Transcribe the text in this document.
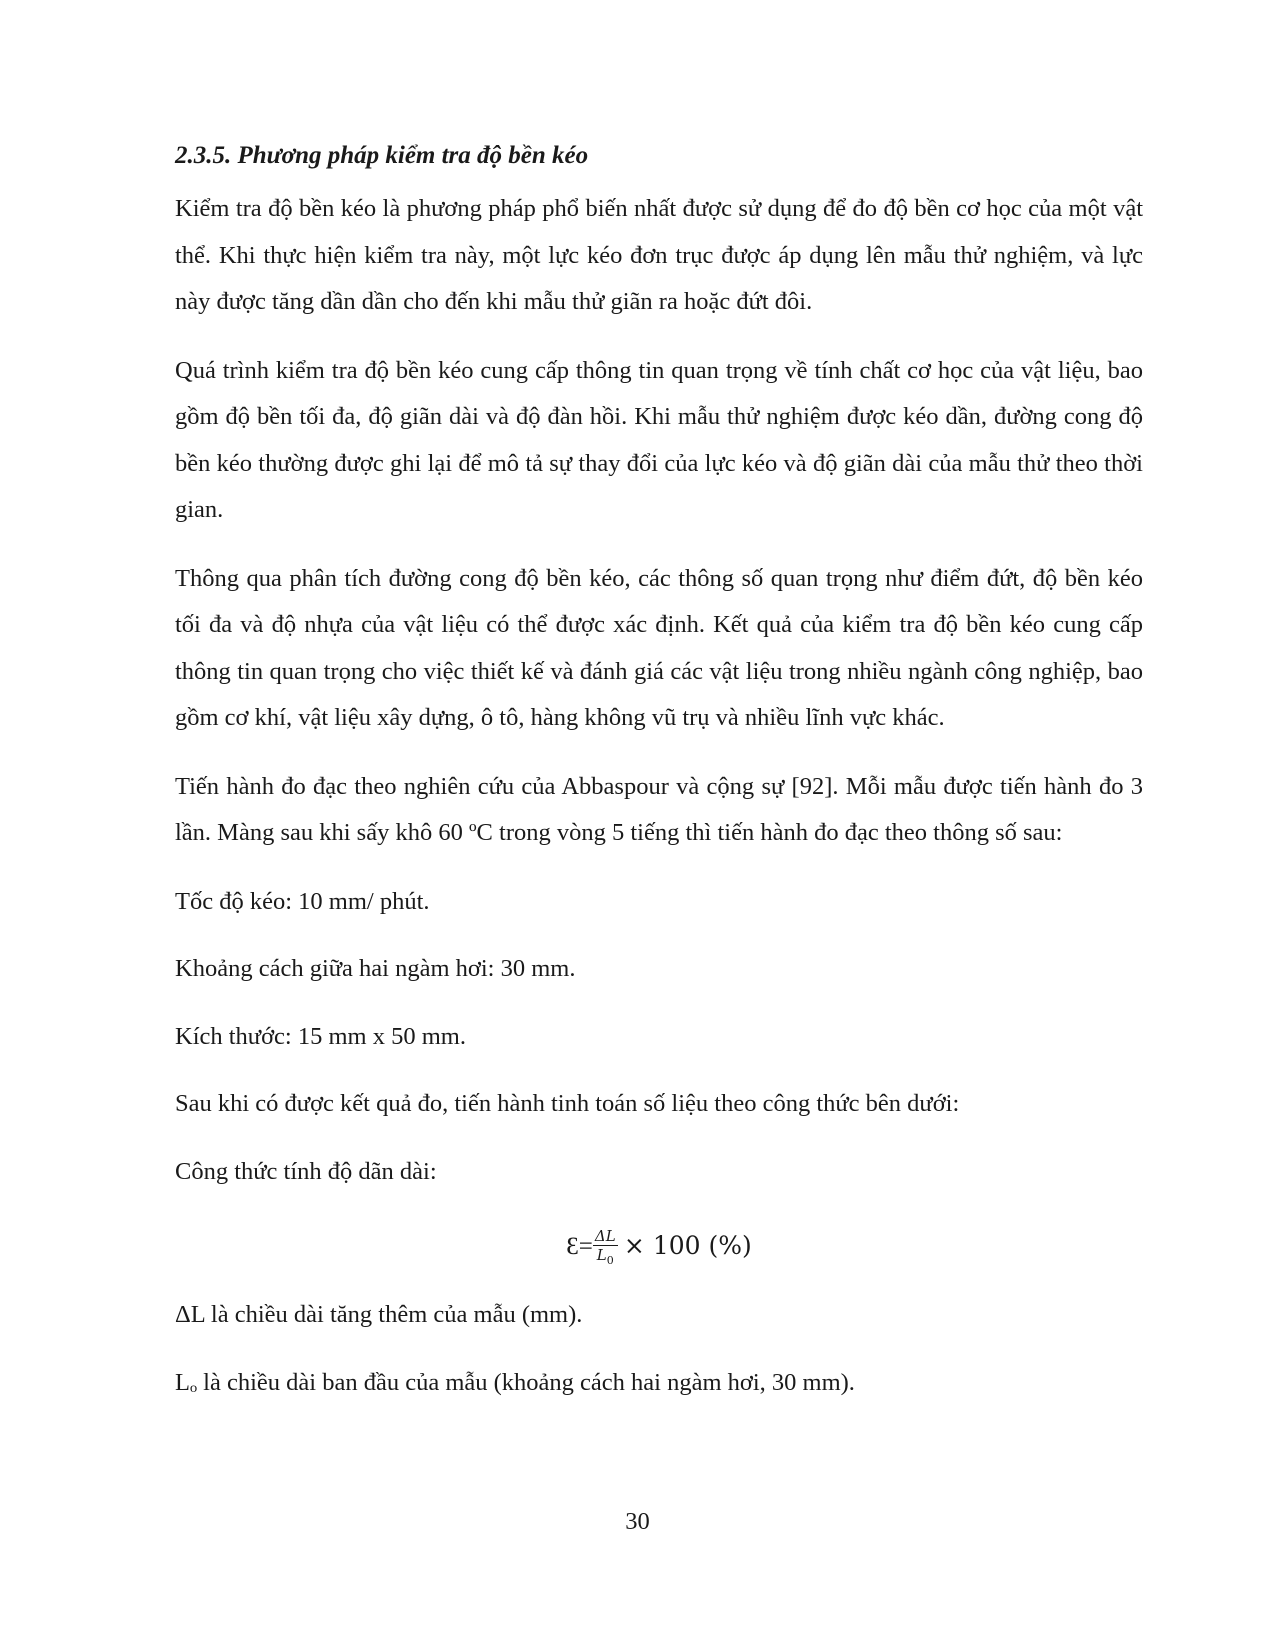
2.3.5. Phương pháp kiểm tra độ bền kéo

Kiểm tra độ bền kéo là phương pháp phổ biến nhất được sử dụng để đo độ bền cơ học của một vật thể. Khi thực hiện kiểm tra này, một lực kéo đơn trục được áp dụng lên mẫu thử nghiệm, và lực này được tăng dần dần cho đến khi mẫu thử giãn ra hoặc đứt đôi.

Quá trình kiểm tra độ bền kéo cung cấp thông tin quan trọng về tính chất cơ học của vật liệu, bao gồm độ bền tối đa, độ giãn dài và độ đàn hồi. Khi mẫu thử nghiệm được kéo dần, đường cong độ bền kéo thường được ghi lại để mô tả sự thay đổi của lực kéo và độ giãn dài của mẫu thử theo thời gian.

Thông qua phân tích đường cong độ bền kéo, các thông số quan trọng như điểm đứt, độ bền kéo tối đa và độ nhựa của vật liệu có thể được xác định. Kết quả của kiểm tra độ bền kéo cung cấp thông tin quan trọng cho việc thiết kế và đánh giá các vật liệu trong nhiều ngành công nghiệp, bao gồm cơ khí, vật liệu xây dựng, ô tô, hàng không vũ trụ và nhiều lĩnh vực khác.

Tiến hành đo đạc theo nghiên cứu của Abbaspour và cộng sự [92]. Mỗi mẫu được tiến hành đo 3 lần. Màng sau khi sấy khô 60 ºC trong vòng 5 tiếng thì tiến hành đo đạc theo thông số sau:

Tốc độ kéo: 10 mm/ phút.
Khoảng cách giữa hai ngàm hơi: 30 mm.
Kích thước: 15 mm x 50 mm.
Sau khi có được kết quả đo, tiến hành tinh toán số liệu theo công thức bên dưới:
Công thức tính độ dãn dài:
Ɛ= $\frac{\Delta L}{L_0} \times 100$ (%)
ΔL là chiều dài tăng thêm của mẫu (mm).
Lₒ là chiều dài ban đầu của mẫu (khoảng cách hai ngàm hơi, 30 mm).
30
